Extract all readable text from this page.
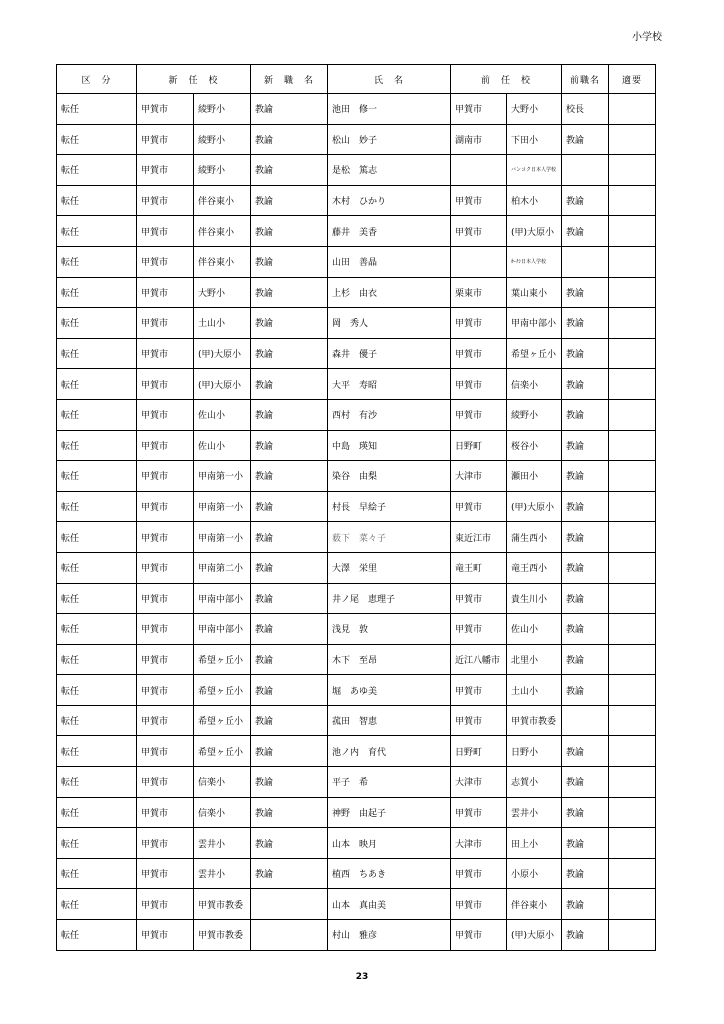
小学校
区　分	新　任　校		新　職　名	氏　名	前　任　校		前職名	適要
転任	甲賀市	綾野小	教諭	池田　修一	甲賀市	大野小	校長	
転任	甲賀市	綾野小	教諭	松山　妙子	湖南市	下田小	教諭	
転任	甲賀市	綾野小	教諭	是松　篤志		バンコク日本人学校		
転任	甲賀市	伴谷東小	教諭	木村　ひかり	甲賀市	柏木小	教諭	
転任	甲賀市	伴谷東小	教諭	藤井　美香	甲賀市	(甲)大原小	教諭	
転任	甲賀市	伴谷東小	教諭	山田　善晶		ｶｰﾁｼ日本人学校		
転任	甲賀市	大野小	教諭	上杉　由衣	栗東市	葉山東小	教諭	
転任	甲賀市	土山小	教諭	岡　秀人	甲賀市	甲南中部小	教諭	
転任	甲賀市	(甲)大原小	教諭	森井　優子	甲賀市	希望ヶ丘小	教諭	
転任	甲賀市	(甲)大原小	教諭	大平　寿昭	甲賀市	信楽小	教諭	
転任	甲賀市	佐山小	教諭	西村　有沙	甲賀市	綾野小	教諭	
転任	甲賀市	佐山小	教諭	中島　瑛知	日野町	桜谷小	教諭	
転任	甲賀市	甲南第一小	教諭	染谷　由梨	大津市	瀬田小	教諭	
転任	甲賀市	甲南第一小	教諭	村長　早絵子	甲賀市	(甲)大原小	教諭	
転任	甲賀市	甲南第一小	教諭	薮下　菜々子	東近江市	蒲生西小	教諭	
転任	甲賀市	甲南第二小	教諭	大澤　栄里	竜王町	竜王西小	教諭	
転任	甲賀市	甲南中部小	教諭	井ノ尾　恵理子	甲賀市	貴生川小	教諭	
転任	甲賀市	甲南中部小	教諭	浅見　敦	甲賀市	佐山小	教諭	
転任	甲賀市	希望ヶ丘小	教諭	木下　至昂	近江八幡市	北里小	教諭	
転任	甲賀市	希望ヶ丘小	教諭	堀　あゆ美	甲賀市	土山小	教諭	
転任	甲賀市	希望ヶ丘小	教諭	菰田　智恵	甲賀市	甲賀市教委		
転任	甲賀市	希望ヶ丘小	教諭	池ノ内　育代	日野町	日野小	教諭	
転任	甲賀市	信楽小	教諭	平子　希	大津市	志賀小	教諭	
転任	甲賀市	信楽小	教諭	神野　由起子	甲賀市	雲井小	教諭	
転任	甲賀市	雲井小	教諭	山本　映月	大津市	田上小	教諭	
転任	甲賀市	雲井小	教諭	植西　ちあき	甲賀市	小原小	教諭	
転任	甲賀市	甲賀市教委		山本　真由美	甲賀市	伴谷東小	教諭	
転任	甲賀市	甲賀市教委		村山　雅彦	甲賀市	(甲)大原小	教諭	
23
